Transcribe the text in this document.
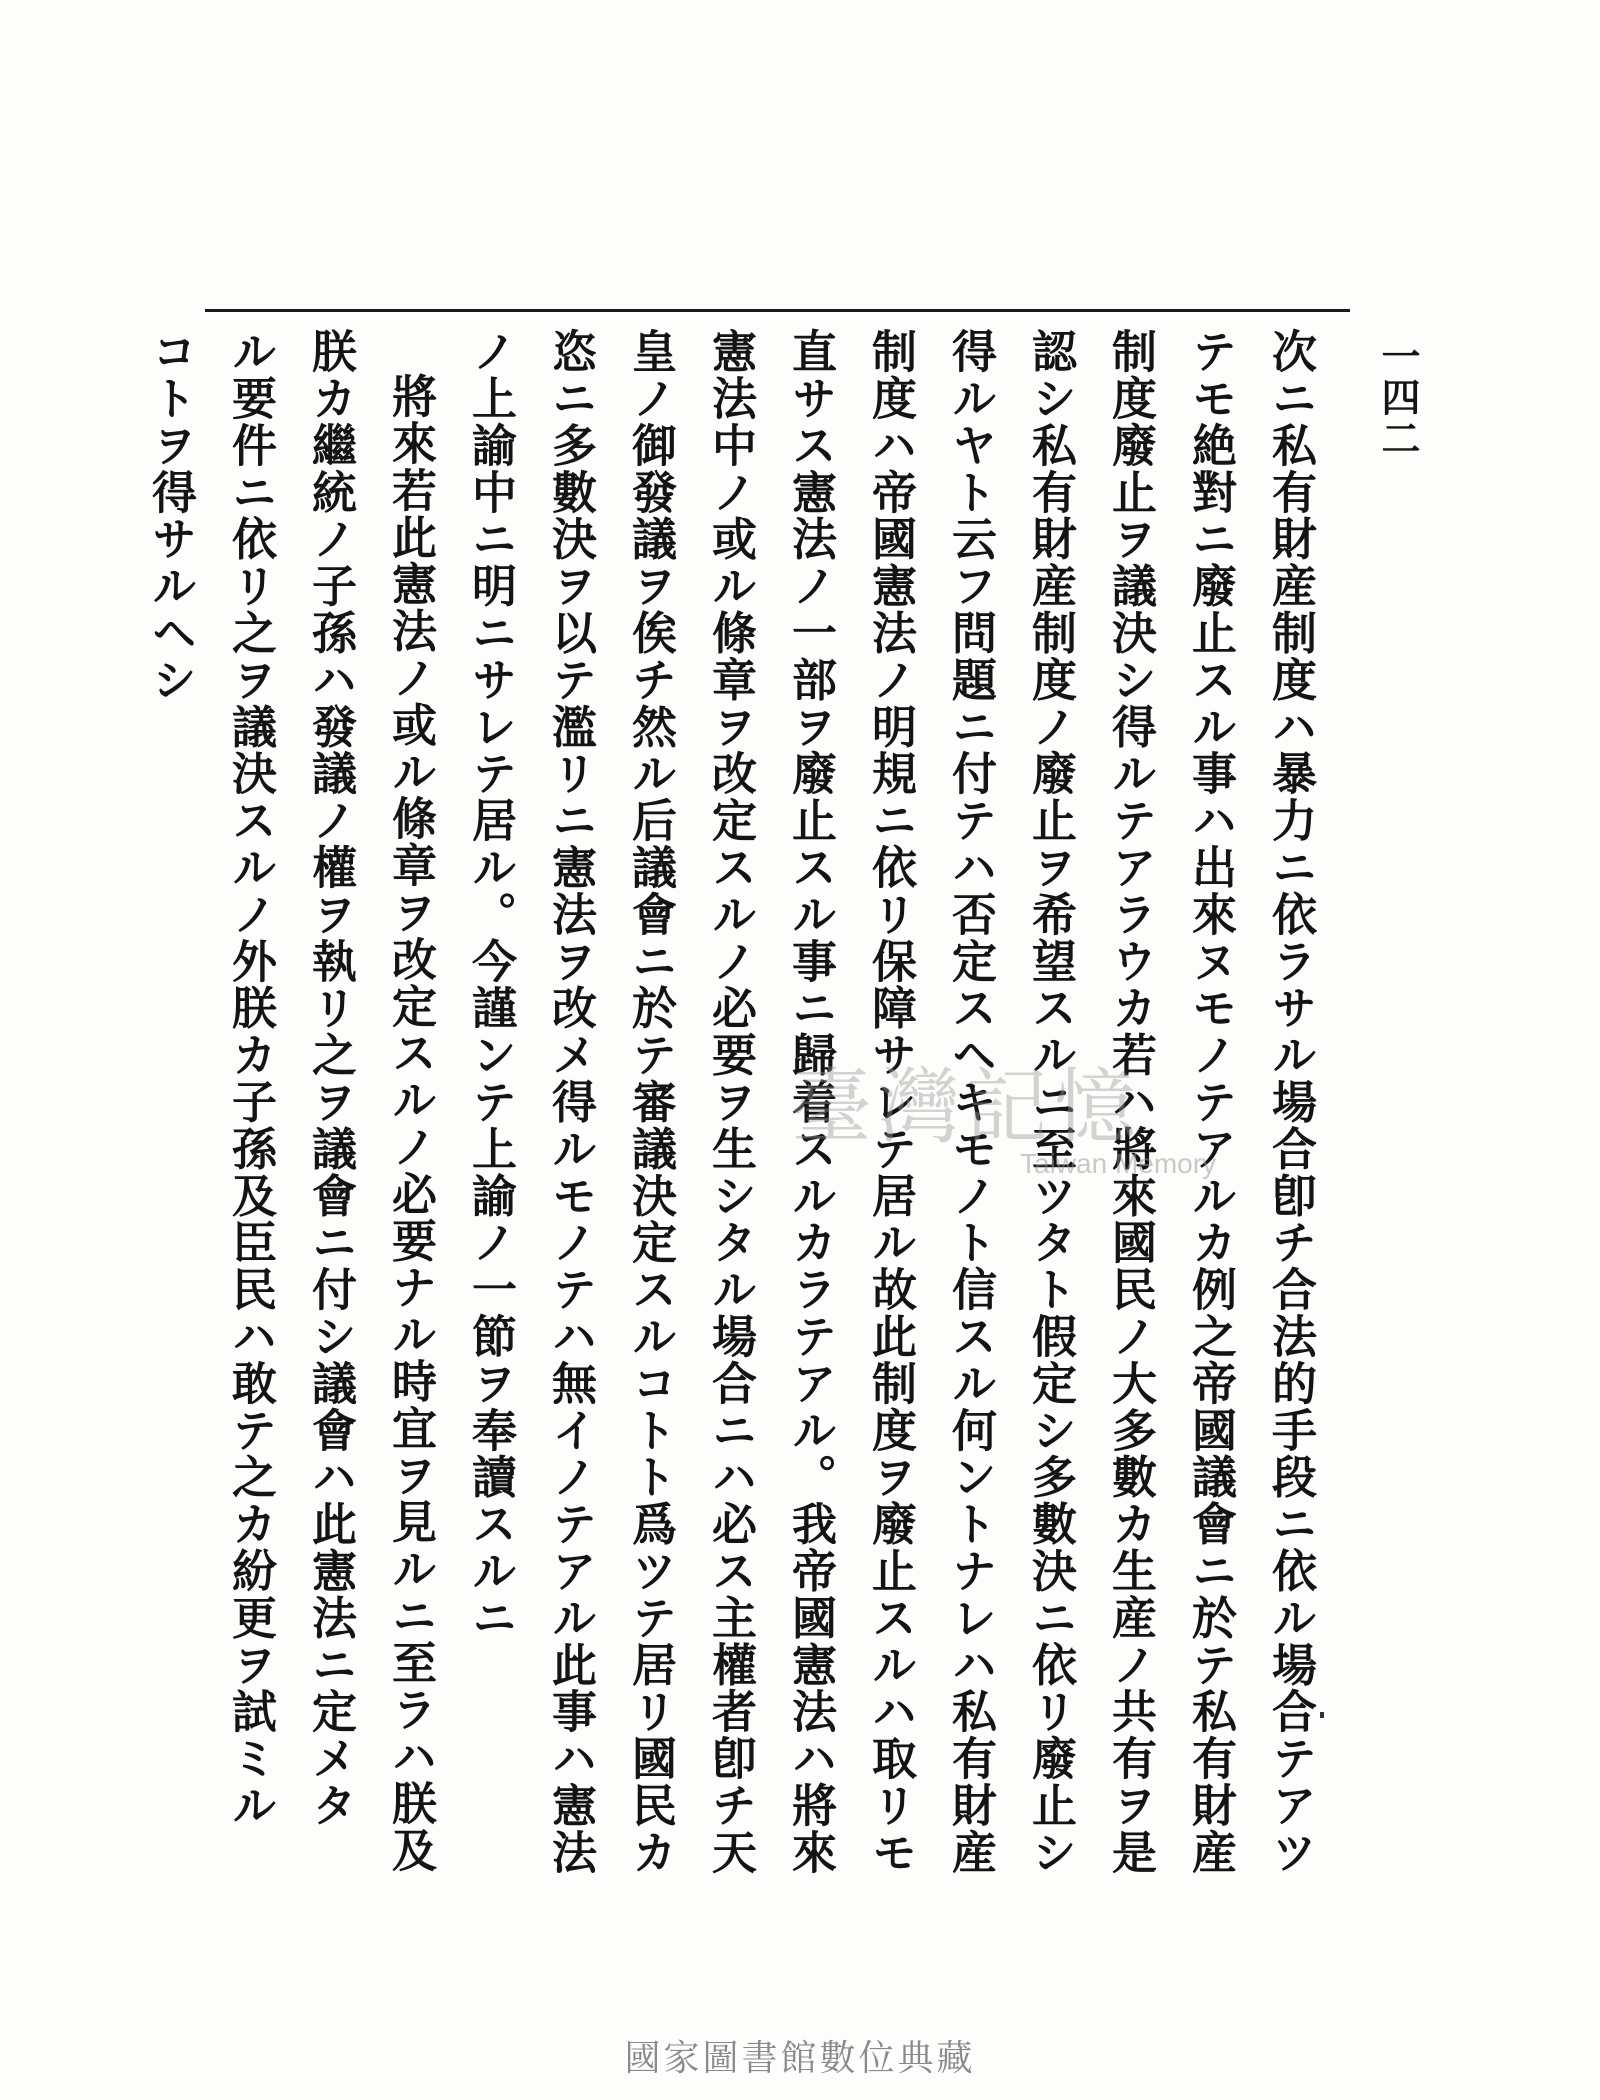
一四二
次ニ私有財産制度ハ暴力ニ依ラサル場合卽チ合法的手段ニ依ル場合テアツ
テモ絶對ニ廢止スル事ハ出來ヌモノテアルカ例之帝國議會ニ於テ私有財産
制度廢止ヲ議決シ得ルテアラウカ若ハ將來國民ノ大多數カ生産ノ共有ヲ是
認シ私有財産制度ノ廢止ヲ希望スルニ至ツタト假定シ多數決ニ依リ廢止シ
得ルヤト云フ問題ニ付テハ否定スヘキモノト信スル何ントナレハ私有財産
制度ハ帝國憲法ノ明規ニ依リ保障サレテ居ル故此制度ヲ廢止スルハ取リモ
直サス憲法ノ一部ヲ廢止スル事ニ歸着スルカラテアル。我帝國憲法ハ將來
憲法中ノ或ル條章ヲ改定スルノ必要ヲ生シタル場合ニハ必ス主權者卽チ天
皇ノ御發議ヲ俟チ然ル后議會ニ於テ審議決定スルコトト爲ツテ居リ國民カ
恣ニ多數決ヲ以テ濫リニ憲法ヲ改メ得ルモノテハ無イノテアル此事ハ憲法
ノ上諭中ニ明ニサレテ居ル。今謹ンテ上諭ノ一節ヲ奉讀スルニ
將來若此憲法ノ或ル條章ヲ改定スルノ必要ナル時宜ヲ見ルニ至ラハ朕及
朕カ繼統ノ子孫ハ發議ノ權ヲ執リ之ヲ議會ニ付シ議會ハ此憲法ニ定メタ
ル要件ニ依リ之ヲ議決スルノ外朕カ子孫及臣民ハ敢テ之カ紛更ヲ試ミル
コトヲ得サルヘシ
臺灣記憶
Taiwan Memory
國家圖書館數位典藏
